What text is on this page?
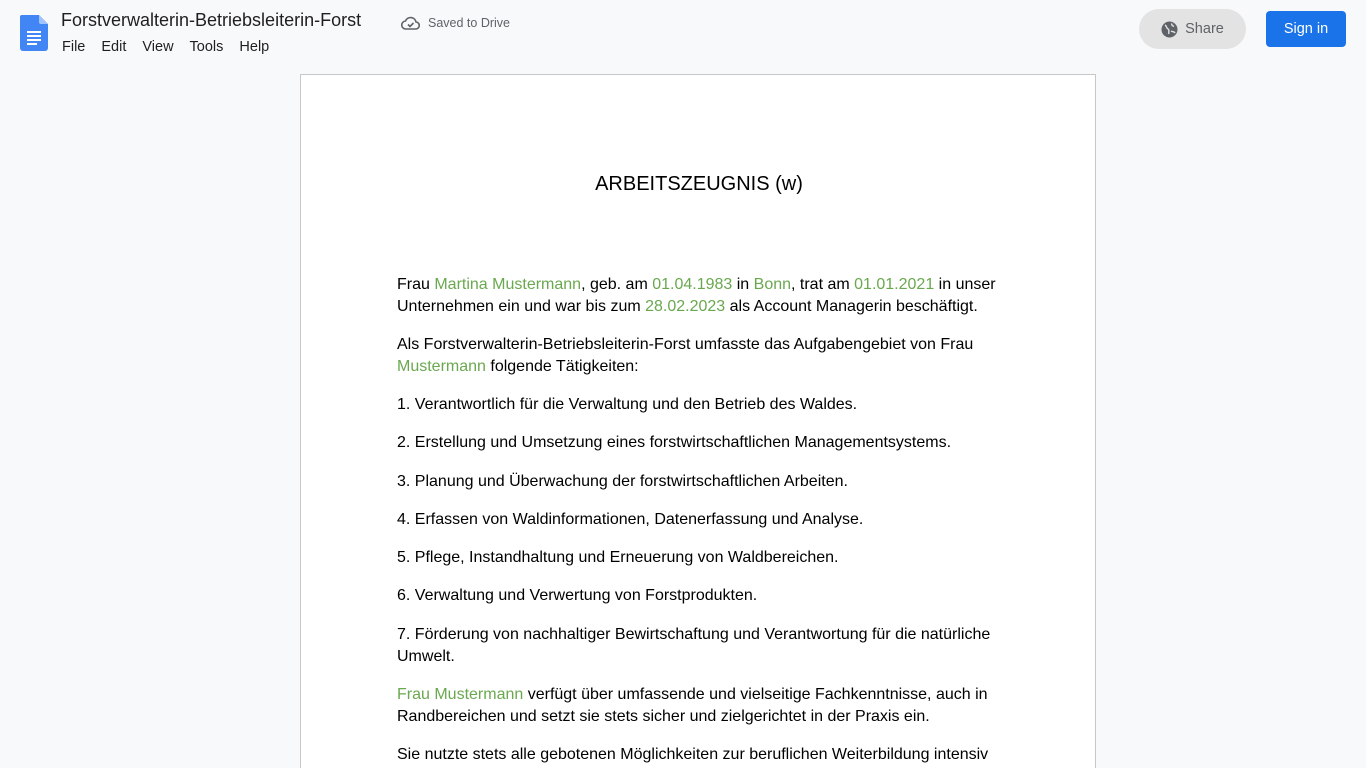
Forstverwalterin-Betriebsleiterin-Forst	Saved to Drive
File	Edit	View	Tools	Help
Share	Sign in
ARBEITSZEUGNIS (w)

Frau Martina Mustermann, geb. am 01.04.1983 in Bonn, trat am 01.01.2021 in unser Unternehmen ein und war bis zum 28.02.2023 als Account Managerin beschäftigt.

Als Forstverwalterin-Betriebsleiterin-Forst umfasste das Aufgabengebiet von Frau Mustermann folgende Tätigkeiten:

1. Verantwortlich für die Verwaltung und den Betrieb des Waldes.

2. Erstellung und Umsetzung eines forstwirtschaftlichen Managementsystems.

3. Planung und Überwachung der forstwirtschaftlichen Arbeiten.

4. Erfassen von Waldinformationen, Datenerfassung und Analyse.

5. Pflege, Instandhaltung und Erneuerung von Waldbereichen.

6. Verwaltung und Verwertung von Forstprodukten.

7. Förderung von nachhaltiger Bewirtschaftung und Verantwortung für die natürliche Umwelt.

Frau Mustermann verfügt über umfassende und vielseitige Fachkenntnisse, auch in Randbereichen und setzt sie stets sicher und zielgerichtet in der Praxis ein.

Sie nutzte stets alle gebotenen Möglichkeiten zur beruflichen Weiterbildung intensiv
